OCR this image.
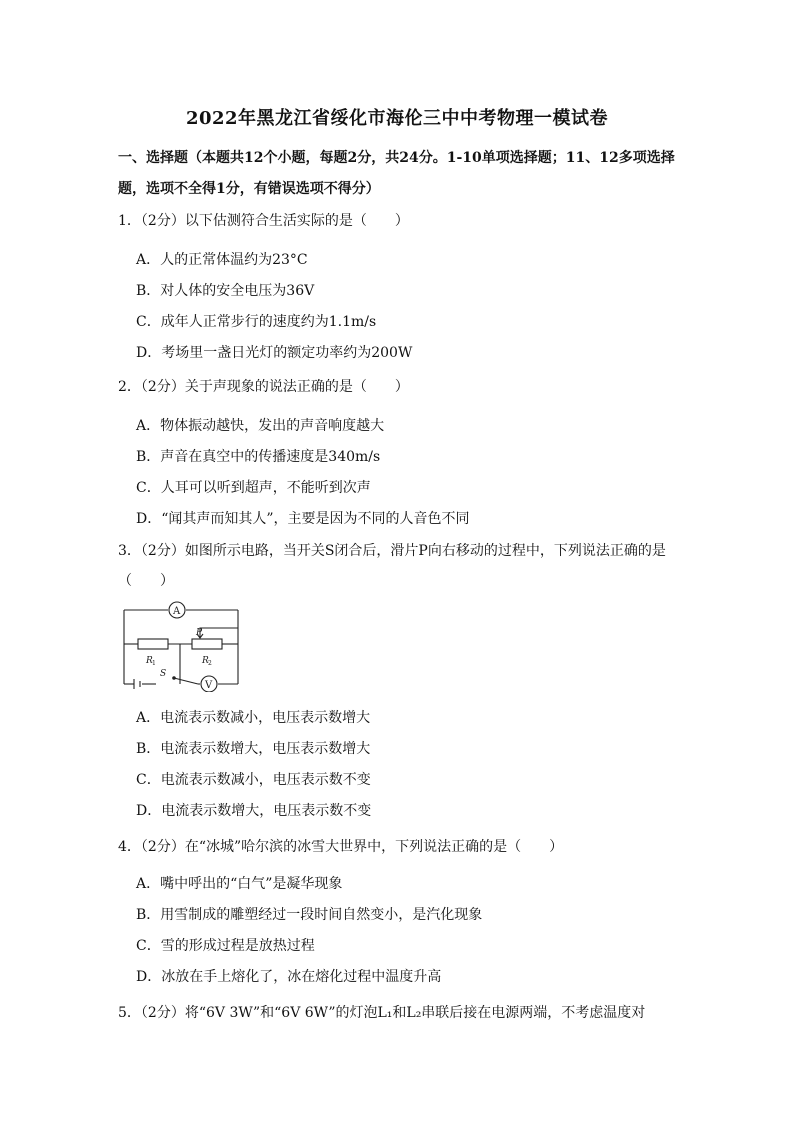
2022年黑龙江省绥化市海伦三中中考物理一模试卷
一、选择题（本题共12个小题，每题2分，共24分。1-10单项选择题；11、12多项选择题，选项不全得1分，有错误选项不得分）
1．（2分）以下估测符合生活实际的是（　　）
A．人的正常体温约为23°C
B．对人体的安全电压为36V
C．成年人正常步行的速度约为1.1m/s
D．考场里一盏日光灯的额定功率约为200W
2．（2分）关于声现象的说法正确的是（　　）
A．物体振动越快，发出的声音响度越大
B．声音在真空中的传播速度是340m/s
C．人耳可以听到超声，不能听到次声
D．“闻其声而知其人”，主要是因为不同的人音色不同
3．（2分）如图所示电路，当开关S闭合后，滑片P向右移动的过程中，下列说法正确的是
（　　）
A
V
P
R 1	R 2
S
A．电流表示数减小，电压表示数增大
B．电流表示数增大，电压表示数增大
C．电流表示数减小，电压表示数不变
D．电流表示数增大，电压表示数不变
4．（2分）在“冰城”哈尔滨的冰雪大世界中，下列说法正确的是（　　）
A．嘴中呼出的“白气”是凝华现象
B．用雪制成的雕塑经过一段时间自然变小，是汽化现象
C．雪的形成过程是放热过程
D．冰放在手上熔化了，冰在熔化过程中温度升高
5．（2分）将“6V 3W”和“6V 6W”的灯泡L₁和L₂串联后接在电源两端，不考虑温度对
